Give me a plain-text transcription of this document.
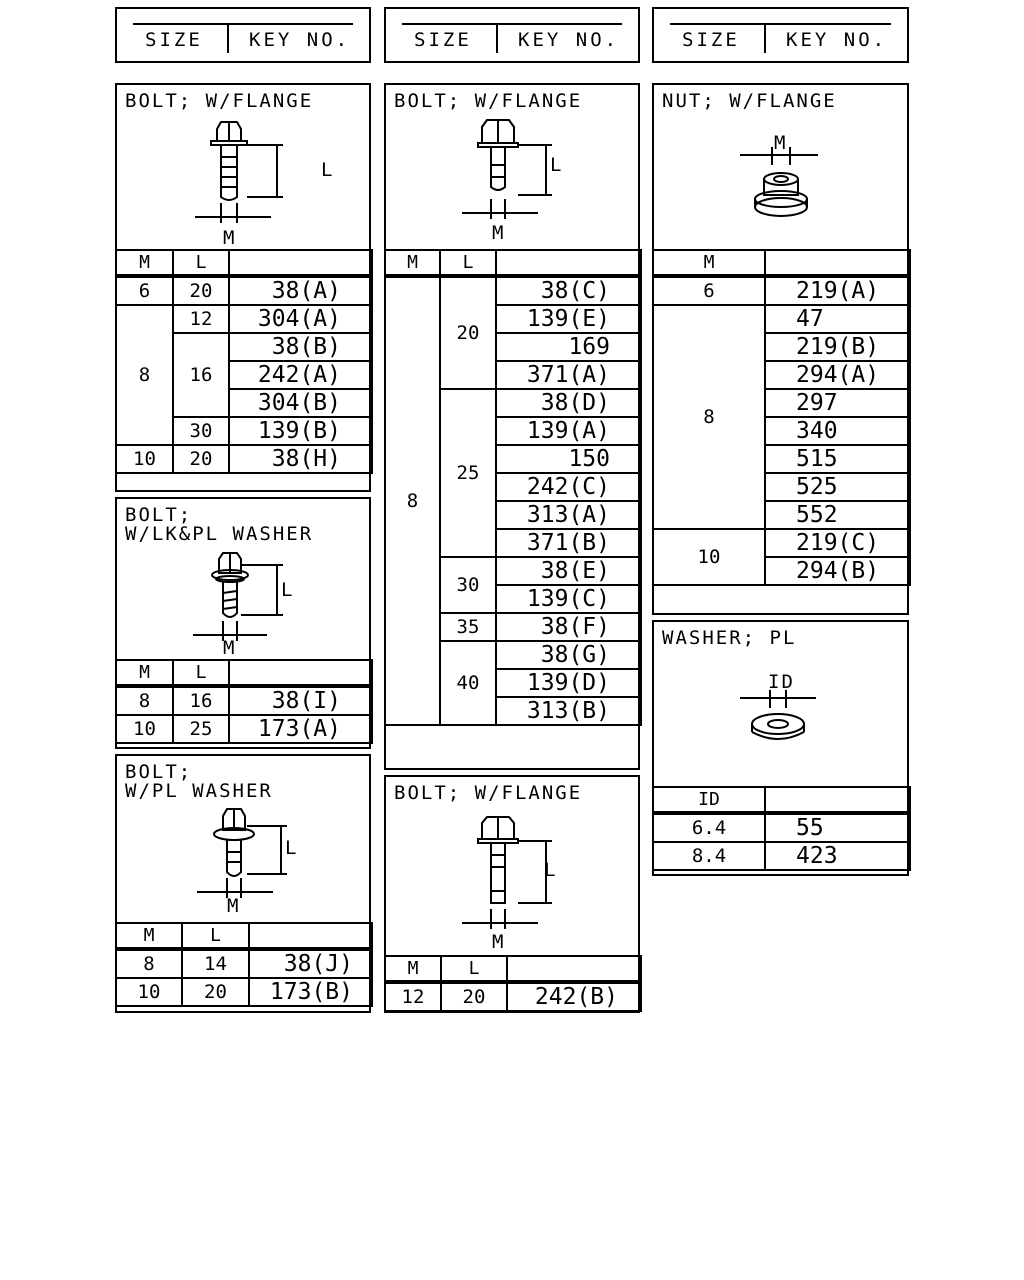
SIZE KEY NO.	SIZE KEY NO.	SIZE KEY NO.
BOLT; W/FLANGE
L
M
M	L	
6	20	38(A)
8	12	304(A)
	16	38(B)
		242(A)
		304(B)
	30	139(B)
10	20	38(H)
BOLT;
W/LK&PL WASHER
L
M
M	L	
8	16	38(I)
10	25	173(A)
BOLT;
W/PL WASHER
L
M
M	L	
8	14	38(J)
10	20	173(B)
BOLT; W/FLANGE
L
M
M	L	
8	20	38(C)
		139(E)
		169
		371(A)
	25	38(D)
		139(A)
		150
		242(C)
		313(A)
		371(B)
	30	38(E)
		139(C)
	35	38(F)
	40	38(G)
		139(D)
		313(B)
BOLT; W/FLANGE
L
M
M	L	
12	20	242(B)
NUT; W/FLANGE
M
M	
6	219(A)
8	47
	219(B)
	294(A)
	297
	340
	515
	525
	552
10	219(C)
	294(B)
WASHER; PL
ID
ID	
6.4	55
8.4	423
